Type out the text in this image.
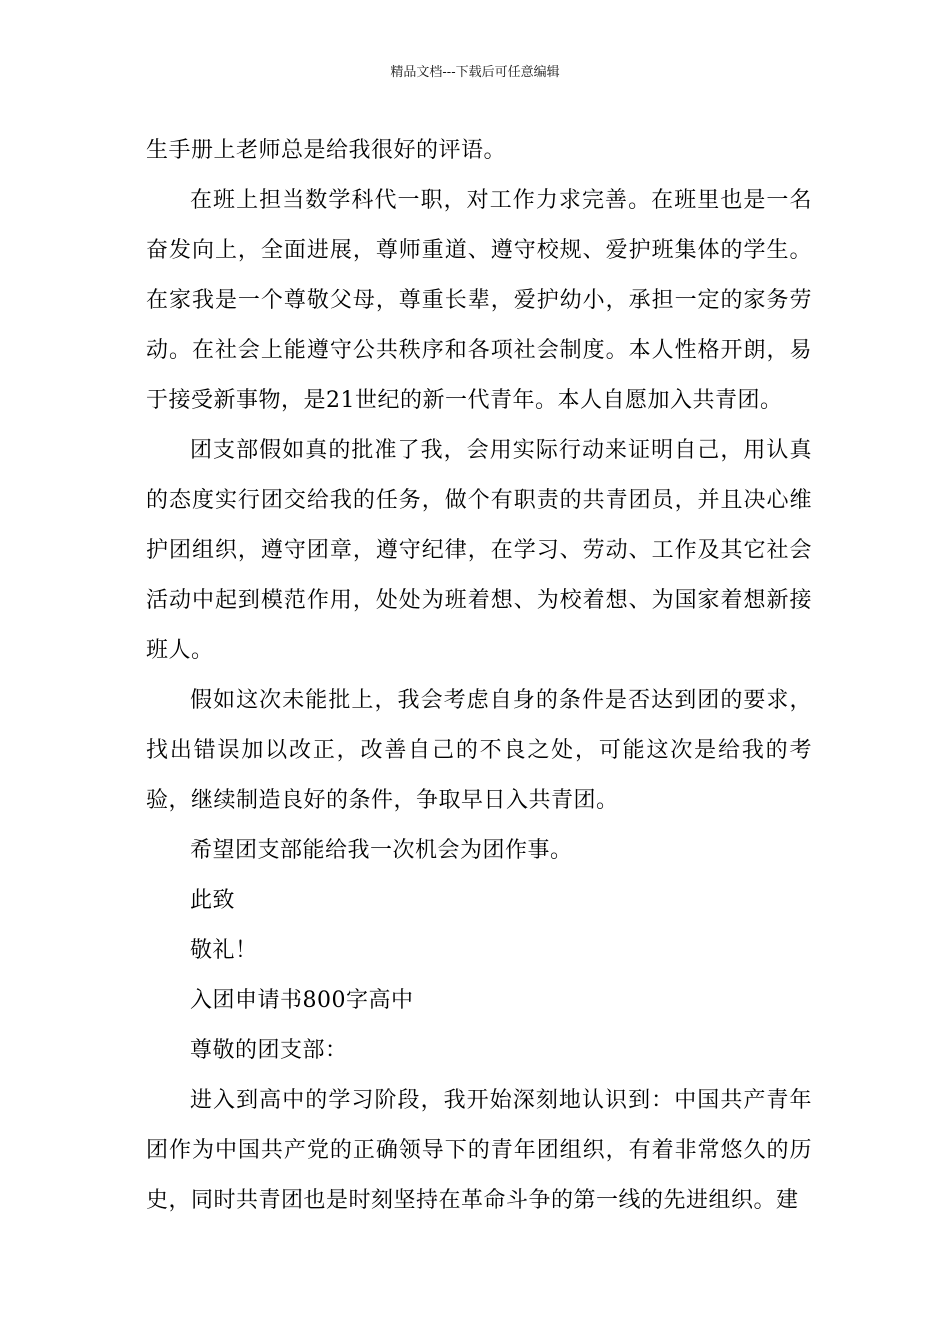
精品文档---下载后可任意编辑

生手册上老师总是给我很好的评语。

在班上担当数学科代一职，对工作力求完善。在班里也是一名奋发向上，全面进展，尊师重道、遵守校规、爱护班集体的学生。在家我是一个尊敬父母，尊重长辈，爱护幼小，承担一定的家务劳动。在社会上能遵守公共秩序和各项社会制度。本人性格开朗，易于接受新事物，是21世纪的新一代青年。本人自愿加入共青团。

团支部假如真的批准了我，会用实际行动来证明自己，用认真的态度实行团交给我的任务，做个有职责的共青团员，并且决心维护团组织，遵守团章，遵守纪律，在学习、劳动、工作及其它社会活动中起到模范作用，处处为班着想、为校着想、为国家着想新接班人。

假如这次未能批上，我会考虑自身的条件是否达到团的要求，找出错误加以改正，改善自己的不良之处，可能这次是给我的考验，继续制造良好的条件，争取早日入共青团。

希望团支部能给我一次机会为团作事。

此致

敬礼！

入团申请书800字高中

尊敬的团支部：

进入到高中的学习阶段，我开始深刻地认识到：中国共产青年团作为中国共产党的正确领导下的青年团组织，有着非常悠久的历史，同时共青团也是时刻坚持在革命斗争的第一线的先进组织。建
